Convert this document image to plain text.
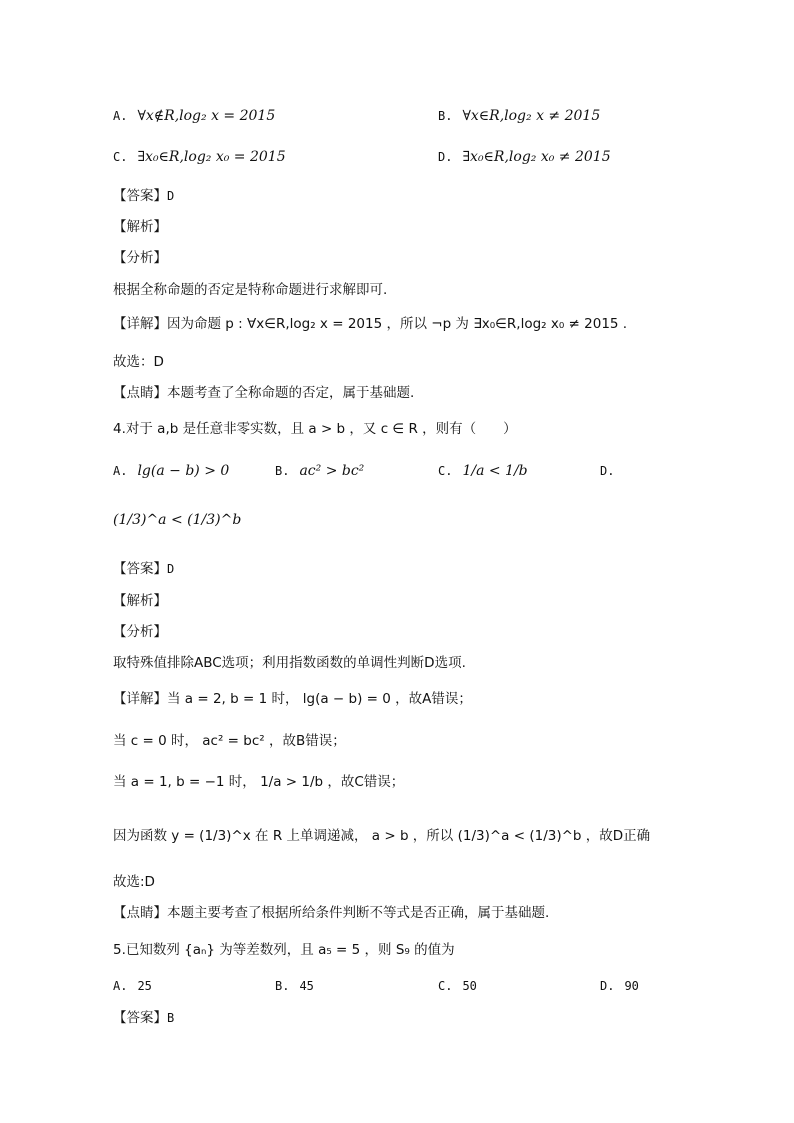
A. ∀x∉R,log₂ x = 2015	B. ∀x∈R,log₂ x ≠ 2015
C. ∃x₀∈R,log₂ x₀ = 2015	D. ∃x₀∈R,log₂ x₀ ≠ 2015
【答案】D
【解析】
【分析】
根据全称命题的否定是特称命题进行求解即可.
【详解】因为命题 p : ∀x∈R,log₂ x = 2015 ，所以 ¬p 为 ∃x₀∈R,log₂ x₀ ≠ 2015 .
故选：D
【点睛】本题考查了全称命题的否定，属于基础题.
4.对于 a,b 是任意非零实数，且 a > b ，又 c ∈ R ，则有（　　）
A. lg(a − b) > 0	B. ac² > bc²	C. 1/a < 1/b	D.
(1/3)^a < (1/3)^b
【答案】D
【解析】
【分析】
取特殊值排除ABC选项；利用指数函数的单调性判断D选项.
【详解】当 a = 2, b = 1 时， lg(a − b) = 0 ，故A错误；
当 c = 0 时， ac² = bc² ，故B错误；
当 a = 1, b = −1 时， 1/a > 1/b ，故C错误；
因为函数 y = (1/3)^x 在 R 上单调递减， a > b ，所以 (1/3)^a < (1/3)^b ，故D正确
故选:D
【点睛】本题主要考查了根据所给条件判断不等式是否正确，属于基础题.
5.已知数列 {aₙ} 为等差数列，且 a₅ = 5 ，则 S₉ 的值为
A. 25	B. 45	C. 50	D. 90
【答案】B
